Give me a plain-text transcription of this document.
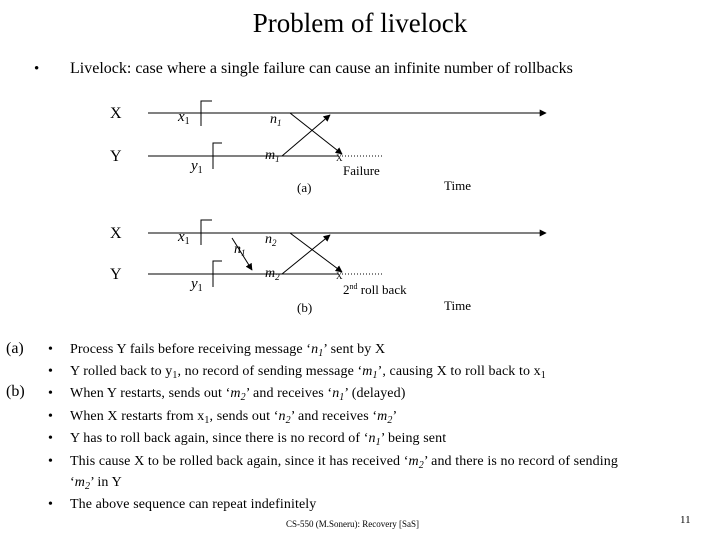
Problem of livelock
• Livelock: case where a single failure can cause an infinite number of rollbacks
X
Y
$x_1$
$y_1$
$n_1$
$m_1$	X
Failure
(a)	Time
X
Y
$x_1$
$y_1$
$n_1$
$n_2$
$m_2$	X
2nd roll back
(b)	Time
(a)
(b)
• Process Y fails before receiving message ‘$n_1$’ sent by X
• Y rolled back to $y_1$, no record of sending message ‘$m_1$’, causing X to roll back to $x_1$
• When Y restarts, sends out ‘$m_2$’ and receives ‘$n_1$’ (delayed)
• When X restarts from $x_1$, sends out ‘$n_2$’ and receives ‘$m_2$’
• Y has to roll back again, since there is no record of ‘$n_1$’ being sent
• This cause X to be rolled back again, since it has received ‘$m_2$’ and there is no record of sending
‘$m_2$’ in Y
• The above sequence can repeat indefinitely
CS-550 (M.Soneru): Recovery [SaS]	11
